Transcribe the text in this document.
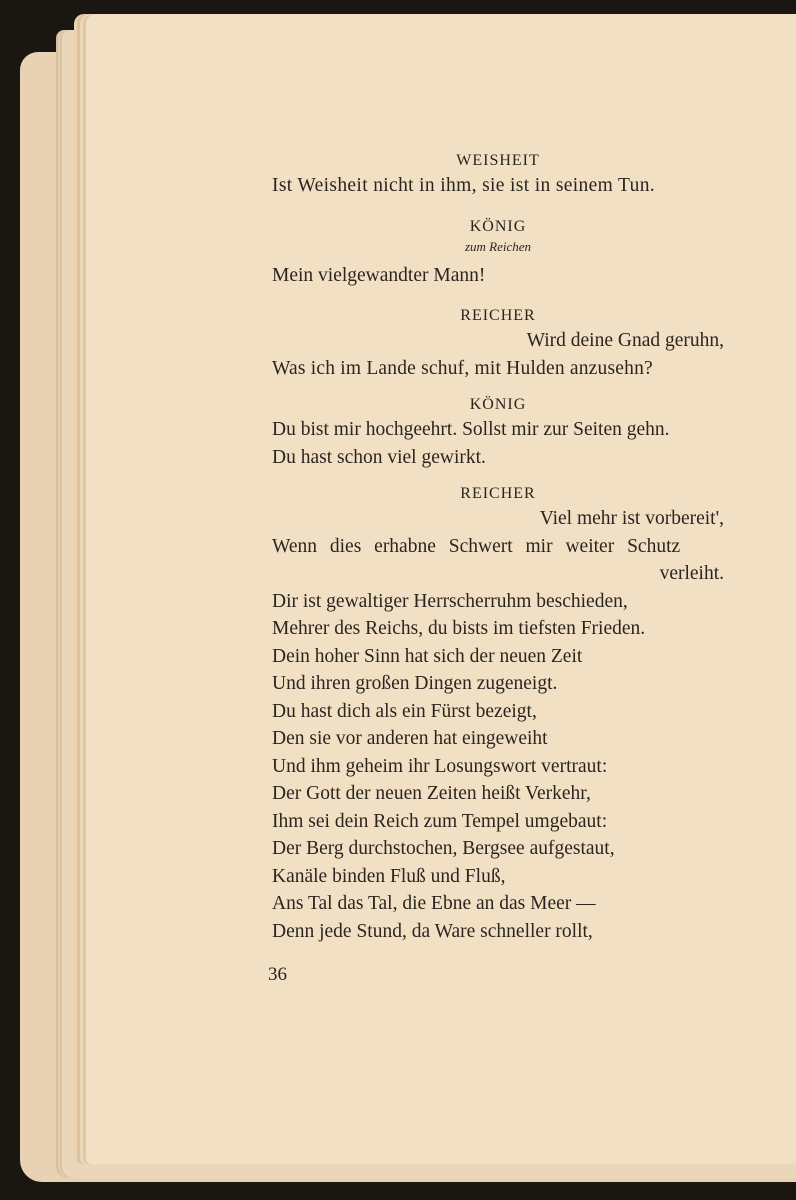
WEISHEIT

Ist Weisheit nicht in ihm, sie ist in seinem Tun.

KÖNIG

zum Reichen

Mein vielgewandter Mann!

REICHER

Wird deine Gnad geruhn,

Was ich im Lande schuf, mit Hulden anzusehn?

KÖNIG

Du bist mir hochgeehrt. Sollst mir zur Seiten gehn.

Du hast schon viel gewirkt.

REICHER

Viel mehr ist vorbereit',

Wenn dies erhabne Schwert mir weiter Schutz

verleiht.

Dir ist gewaltiger Herrscherruhm beschieden,

Mehrer des Reichs, du bists im tiefsten Frieden.

Dein hoher Sinn hat sich der neuen Zeit

Und ihren großen Dingen zugeneigt.

Du hast dich als ein Fürst bezeigt,

Den sie vor anderen hat eingeweiht

Und ihm geheim ihr Losungswort vertraut:

Der Gott der neuen Zeiten heißt Verkehr,

Ihm sei dein Reich zum Tempel umgebaut:

Der Berg durchstochen, Bergsee aufgestaut,

Kanäle binden Fluß und Fluß,

Ans Tal das Tal, die Ebne an das Meer —

Denn jede Stund, da Ware schneller rollt,

36
